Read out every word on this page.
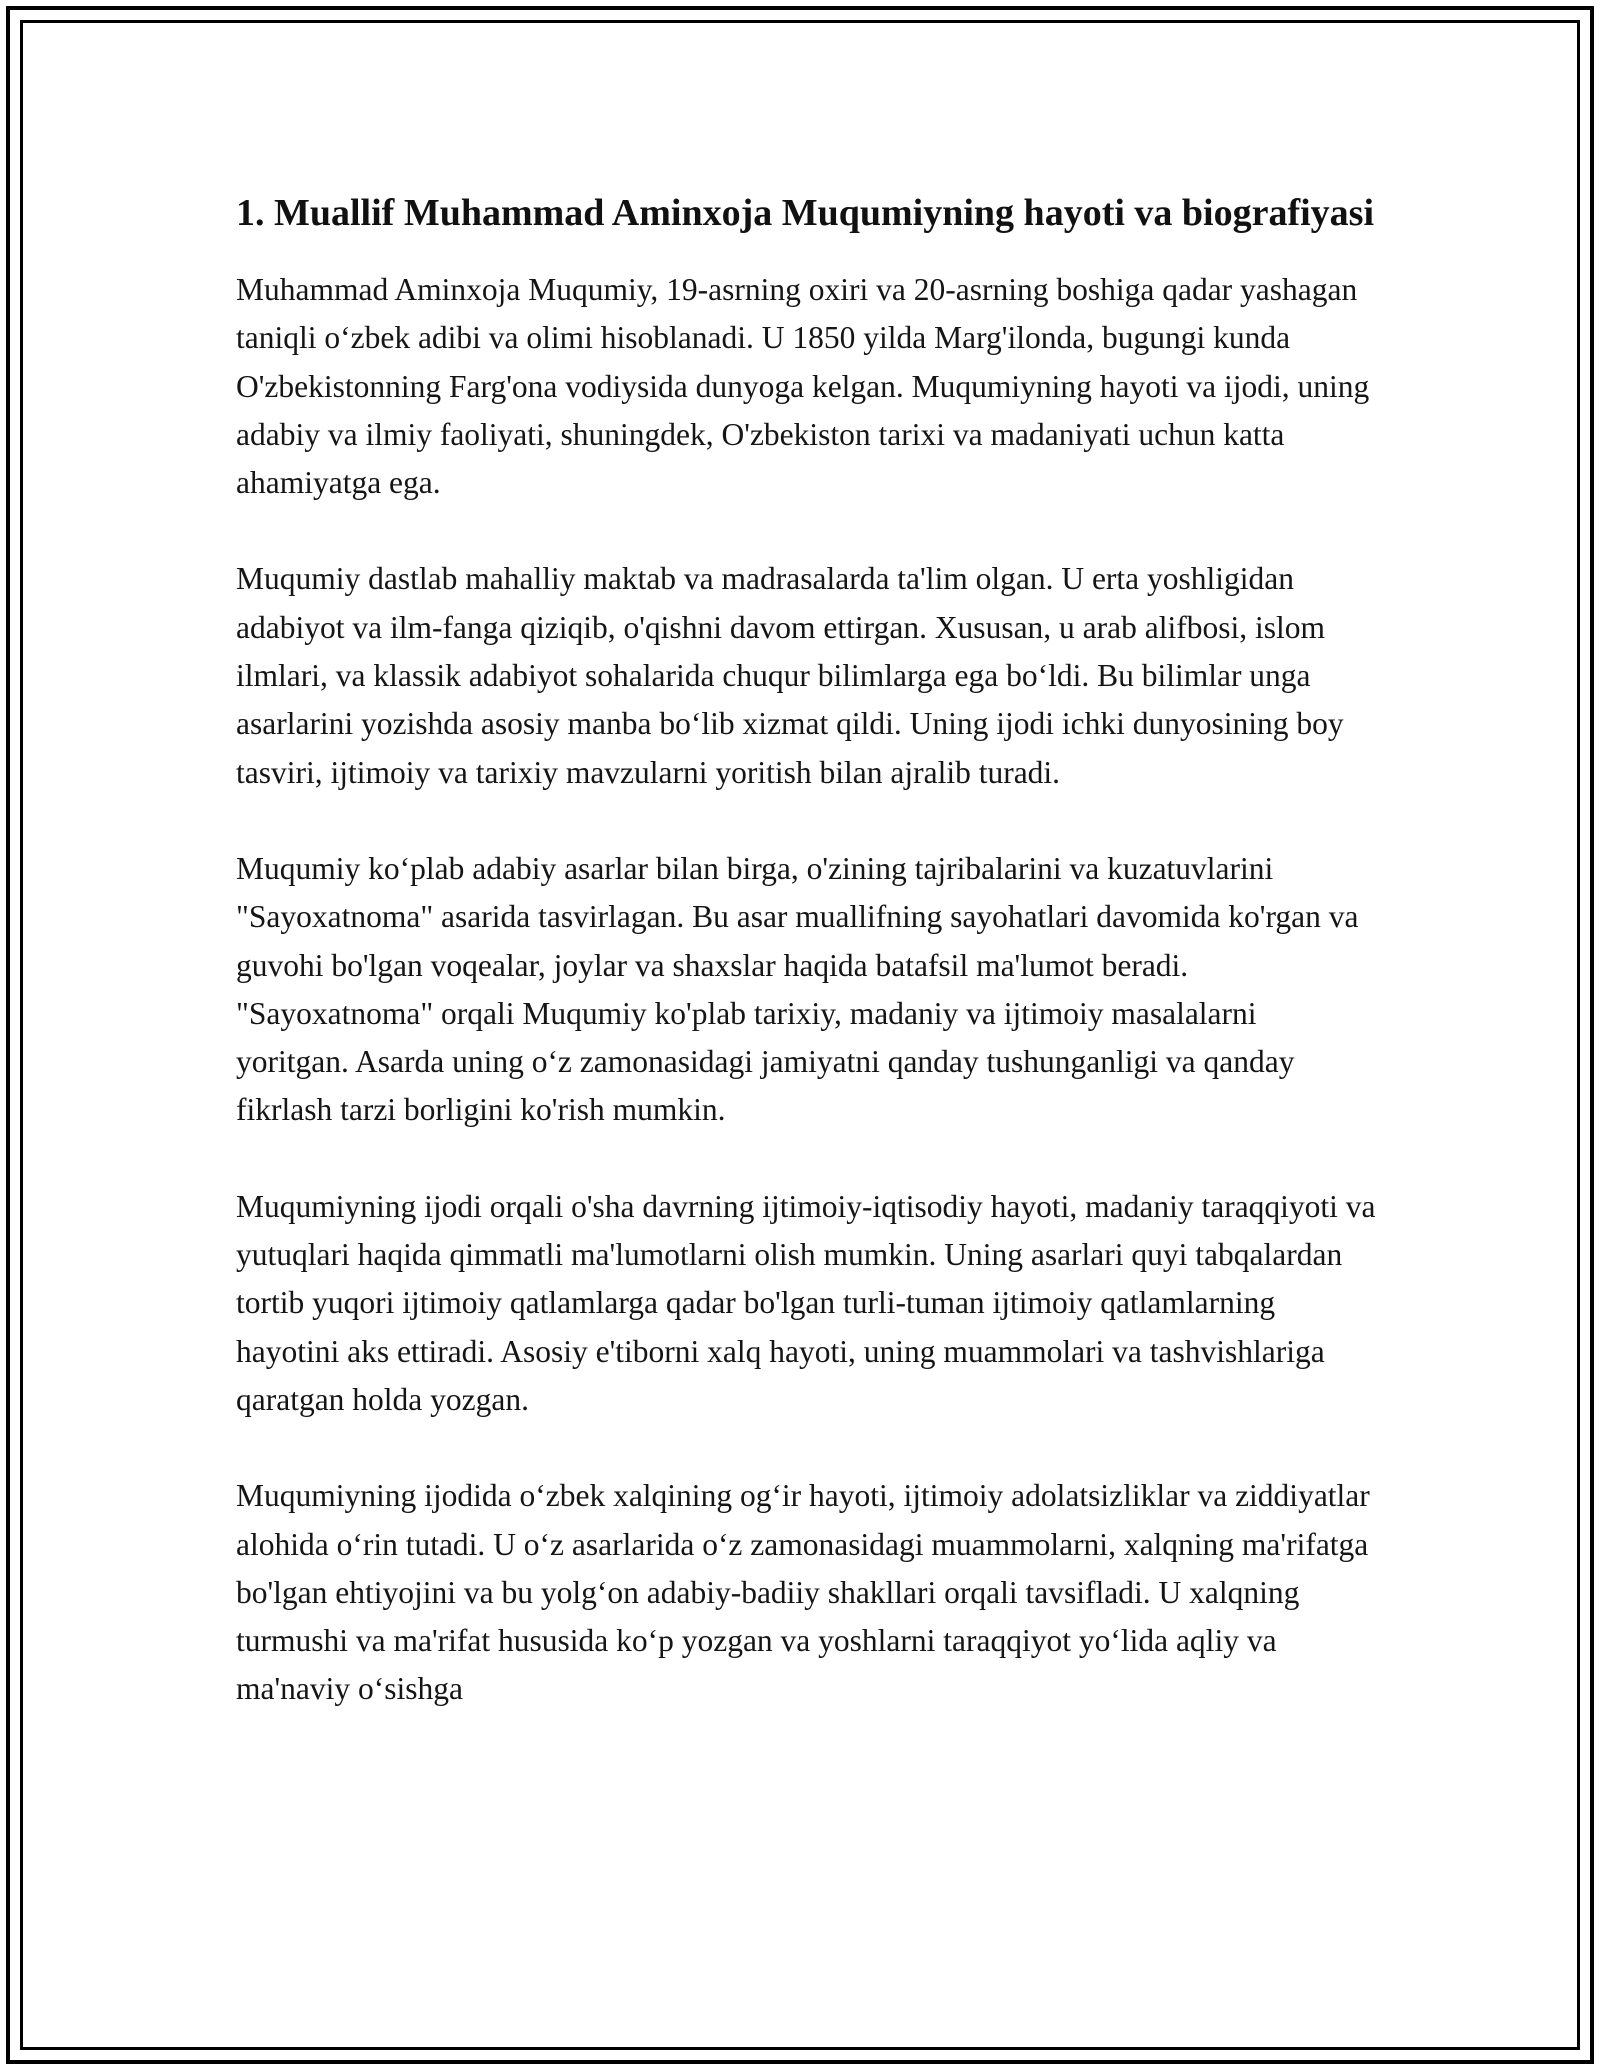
1. Muallif Muhammad Aminxoja Muqumiyning hayoti va biografiyasi

Muhammad Aminxoja Muqumiy, 19-asrning oxiri va 20-asrning boshiga qadar yashagan taniqli o‘zbek adibi va olimi hisoblanadi. U 1850 yilda Marg'ilonda, bugungi kunda O'zbekistonning Farg'ona vodiysida dunyoga kelgan. Muqumiyning hayoti va ijodi, uning adabiy va ilmiy faoliyati, shuningdek, O'zbekiston tarixi va madaniyati uchun katta ahamiyatga ega.

Muqumiy dastlab mahalliy maktab va madrasalarda ta'lim olgan. U erta yoshligidan adabiyot va ilm-fanga qiziqib, o'qishni davom ettirgan. Xususan, u arab alifbosi, islom ilmlari, va klassik adabiyot sohalarida chuqur bilimlarga ega bo‘ldi. Bu bilimlar unga asarlarini yozishda asosiy manba bo‘lib xizmat qildi. Uning ijodi ichki dunyosining boy tasviri, ijtimoiy va tarixiy mavzularni yoritish bilan ajralib turadi.

Muqumiy ko‘plab adabiy asarlar bilan birga, o'zining tajribalarini va kuzatuvlarini "Sayoxatnoma" asarida tasvirlagan. Bu asar muallifning sayohatlari davomida ko'rgan va guvohi bo'lgan voqealar, joylar va shaxslar haqida batafsil ma'lumot beradi. "Sayoxatnoma" orqali Muqumiy ko'plab tarixiy, madaniy va ijtimoiy masalalarni yoritgan. Asarda uning o‘z zamonasidagi jamiyatni qanday tushunganligi va qanday fikrlash tarzi borligini ko'rish mumkin.

Muqumiyning ijodi orqali o'sha davrning ijtimoiy-iqtisodiy hayoti, madaniy taraqqiyoti va yutuqlari haqida qimmatli ma'lumotlarni olish mumkin. Uning asarlari quyi tabqalardan tortib yuqori ijtimoiy qatlamlarga qadar bo'lgan turli-tuman ijtimoiy qatlamlarning hayotini aks ettiradi. Asosiy e'tiborni xalq hayoti, uning muammolari va tashvishlariga qaratgan holda yozgan.

Muqumiyning ijodida o‘zbek xalqining og‘ir hayoti, ijtimoiy adolatsizliklar va ziddiyatlar alohida o‘rin tutadi. U o‘z asarlarida o‘z zamonasidagi muammolarni, xalqning ma'rifatga bo'lgan ehtiyojini va bu yolg‘on adabiy-badiiy shakllari orqali tavsifladi. U xalqning turmushi va ma'rifat hususida ko‘p yozgan va yoshlarni taraqqiyot yo‘lida aqliy va ma'naviy o‘sishga
